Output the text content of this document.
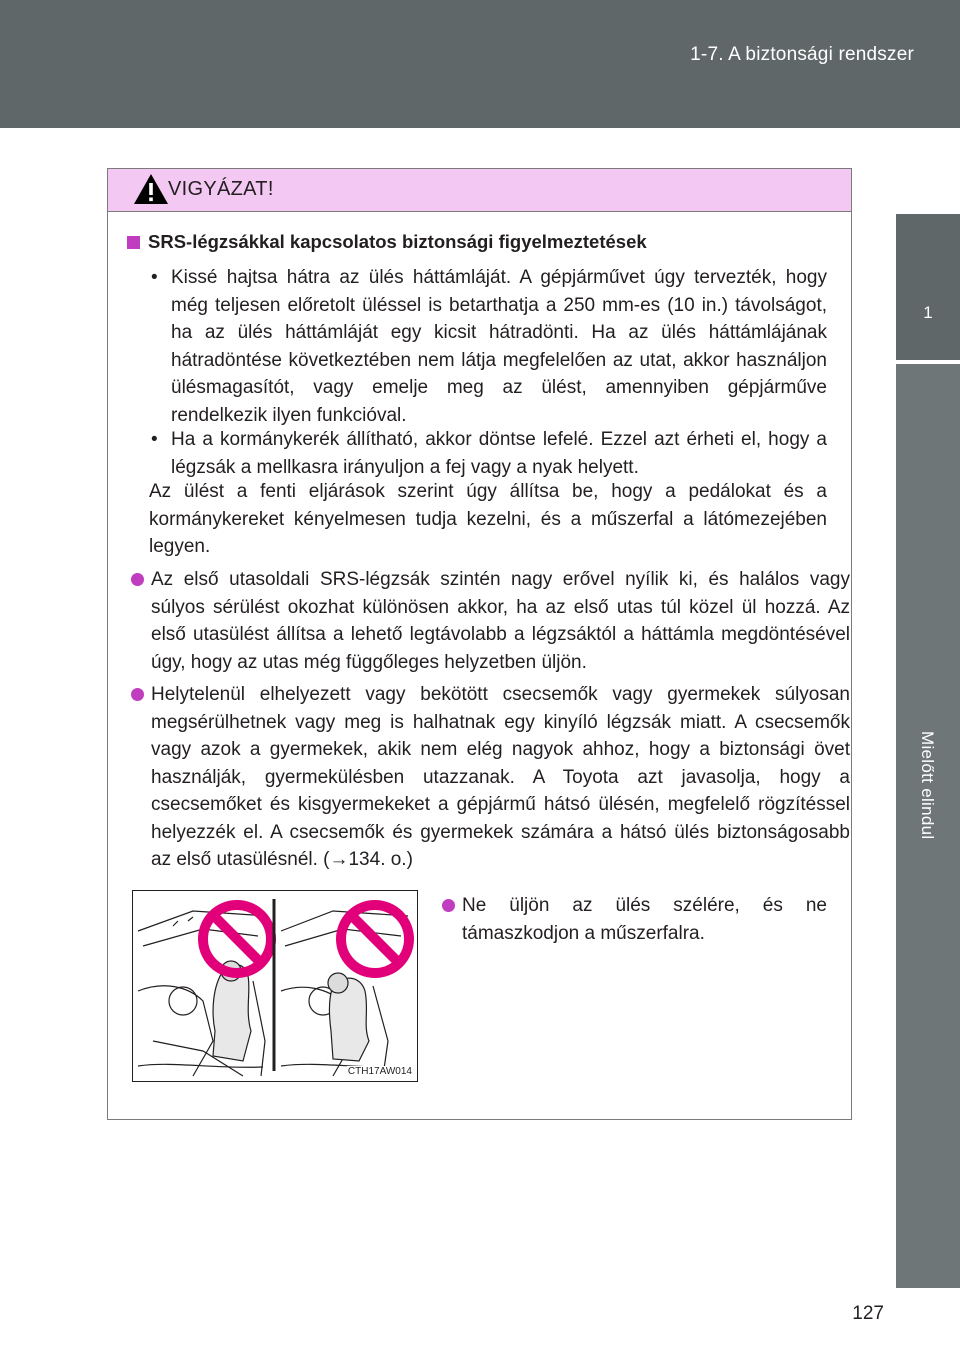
1-7. A biztonsági rendszer
1
Mielőtt elindul
VIGYÁZAT!
SRS-légzsákkal kapcsolatos biztonsági figyelmeztetések
• Kissé hajtsa hátra az ülés háttámláját. A gépjárművet úgy tervezték, hogy még teljesen előretolt üléssel is betarthatja a 250 mm-es (10 in.) távolságot, ha az ülés háttámláját egy kicsit hátradönti. Ha az ülés háttámlájának hátradöntése következtében nem látja megfelelően az utat, akkor használjon ülésmagasítót, vagy emelje meg az ülést, amennyiben gépjárműve rendelkezik ilyen funkcióval.
• Ha a kormánykerék állítható, akkor döntse lefelé. Ezzel azt érheti el, hogy a légzsák a mellkasra irányuljon a fej vagy a nyak helyett.
Az ülést a fenti eljárások szerint úgy állítsa be, hogy a pedálokat és a kormánykereket kényelmesen tudja kezelni, és a műszerfal a látómezejében legyen.
Az első utasoldali SRS-légzsák szintén nagy erővel nyílik ki, és halálos vagy súlyos sérülést okozhat különösen akkor, ha az első utas túl közel ül hozzá. Az első utasülést állítsa a lehető legtávolabb a légzsáktól a háttámla megdöntésével úgy, hogy az utas még függőleges helyzetben üljön.
Helytelenül elhelyezett vagy bekötött csecsemők vagy gyermekek súlyosan megsérülhetnek vagy meg is halhatnak egy kinyíló légzsák miatt. A csecsemők vagy azok a gyermekek, akik nem elég nagyok ahhoz, hogy a biztonsági övet használják, gyermekülésben utazzanak. A Toyota azt javasolja, hogy a csecsemőket és kisgyermekeket a gépjármű hátsó ülésén, megfelelő rögzítéssel helyezzék el. A csecsemők és gyermekek számára a hátsó ülés biztonságosabb az első utasülésnél. (→134. o.)
Ne üljön az ülés szélére, és ne támaszkodjon a műszerfalra.
CTH17AW014
127
